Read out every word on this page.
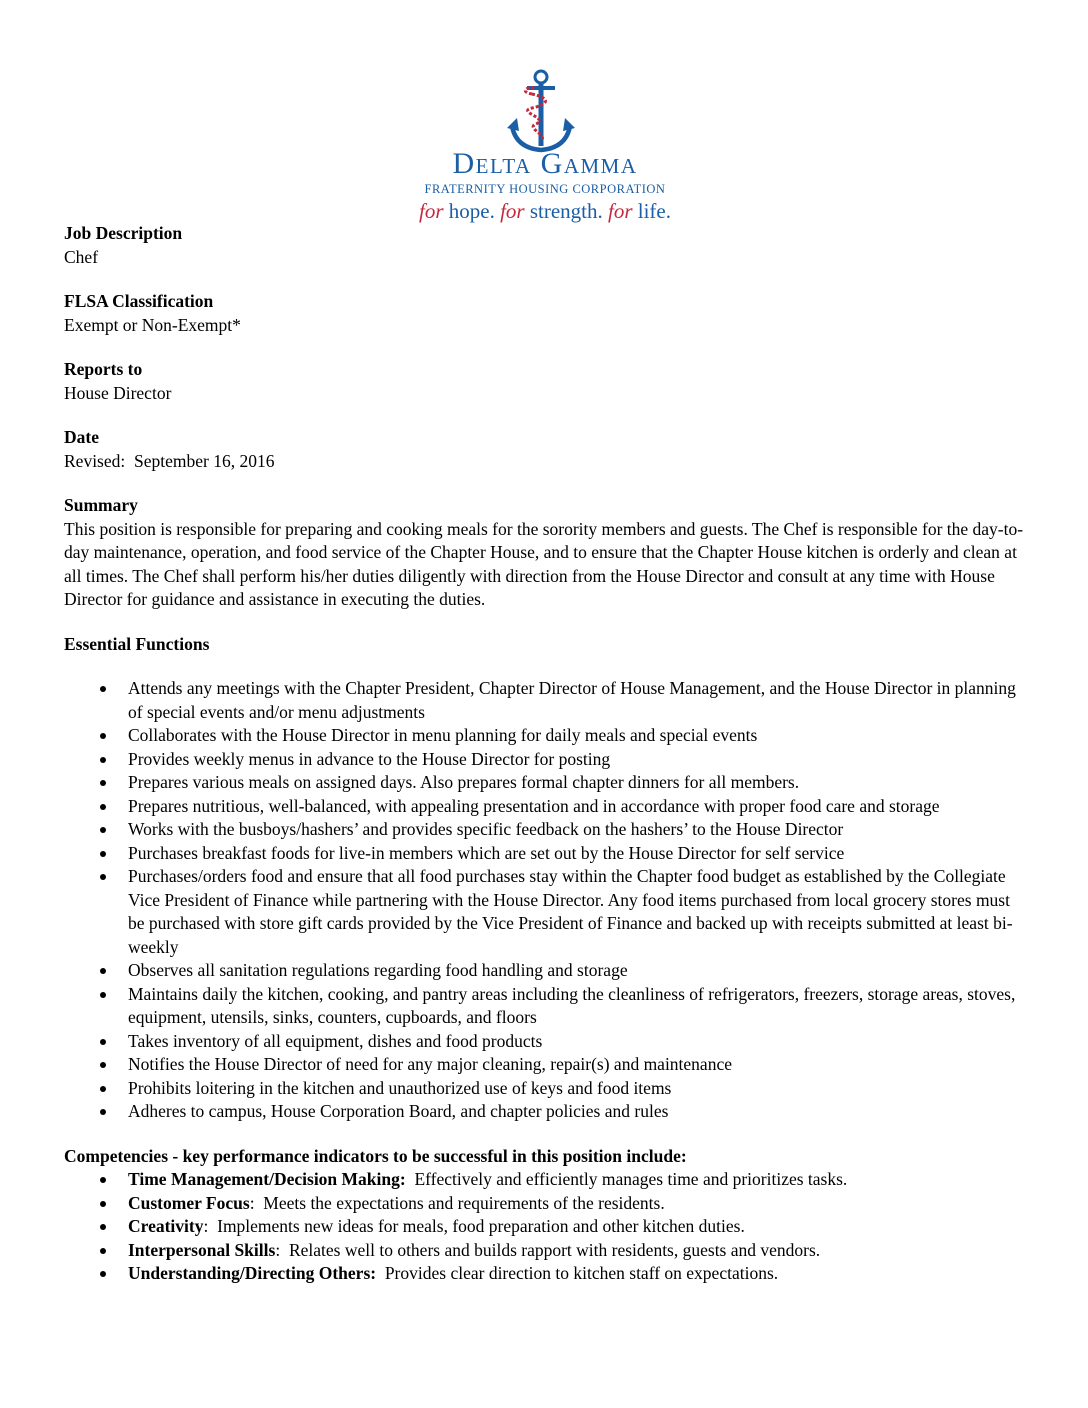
Delta Gamma
FRATERNITY HOUSING CORPORATION
for hope. for strength. for life.
Job Description
Chef
FLSA Classification
Exempt or Non-Exempt*
Reports to
House Director
Date
Revised:  September 16, 2016
Summary
This position is responsible for preparing and cooking meals for the sorority members and guests. The Chef is responsible for the day-to-day maintenance, operation, and food service of the Chapter House, and to ensure that the Chapter House kitchen is orderly and clean at all times. The Chef shall perform his/her duties diligently with direction from the House Director and consult at any time with House Director for guidance and assistance in executing the duties.
Essential Functions
Attends any meetings with the Chapter President, Chapter Director of House Management, and the House Director in planning of special events and/or menu adjustments
Collaborates with the House Director in menu planning for daily meals and special events
Provides weekly menus in advance to the House Director for posting
Prepares various meals on assigned days. Also prepares formal chapter dinners for all members.
Prepares nutritious, well-balanced, with appealing presentation and in accordance with proper food care and storage
Works with the busboys/hashers’ and provides specific feedback on the hashers’ to the House Director
Purchases breakfast foods for live-in members which are set out by the House Director for self service
Purchases/orders food and ensure that all food purchases stay within the Chapter food budget as established by the Collegiate Vice President of Finance while partnering with the House Director. Any food items purchased from local grocery stores must be purchased with store gift cards provided by the Vice President of Finance and backed up with receipts submitted at least bi-weekly
Observes all sanitation regulations regarding food handling and storage
Maintains daily the kitchen, cooking, and pantry areas including the cleanliness of refrigerators, freezers, storage areas, stoves, equipment, utensils, sinks, counters, cupboards, and floors
Takes inventory of all equipment, dishes and food products
Notifies the House Director of need for any major cleaning, repair(s) and maintenance
Prohibits loitering in the kitchen and unauthorized use of keys and food items
Adheres to campus, House Corporation Board, and chapter policies and rules
Competencies - key performance indicators to be successful in this position include:
Time Management/Decision Making:  Effectively and efficiently manages time and prioritizes tasks.
Customer Focus:  Meets the expectations and requirements of the residents.
Creativity:  Implements new ideas for meals, food preparation and other kitchen duties.
Interpersonal Skills:  Relates well to others and builds rapport with residents, guests and vendors.
Understanding/Directing Others:  Provides clear direction to kitchen staff on expectations.
